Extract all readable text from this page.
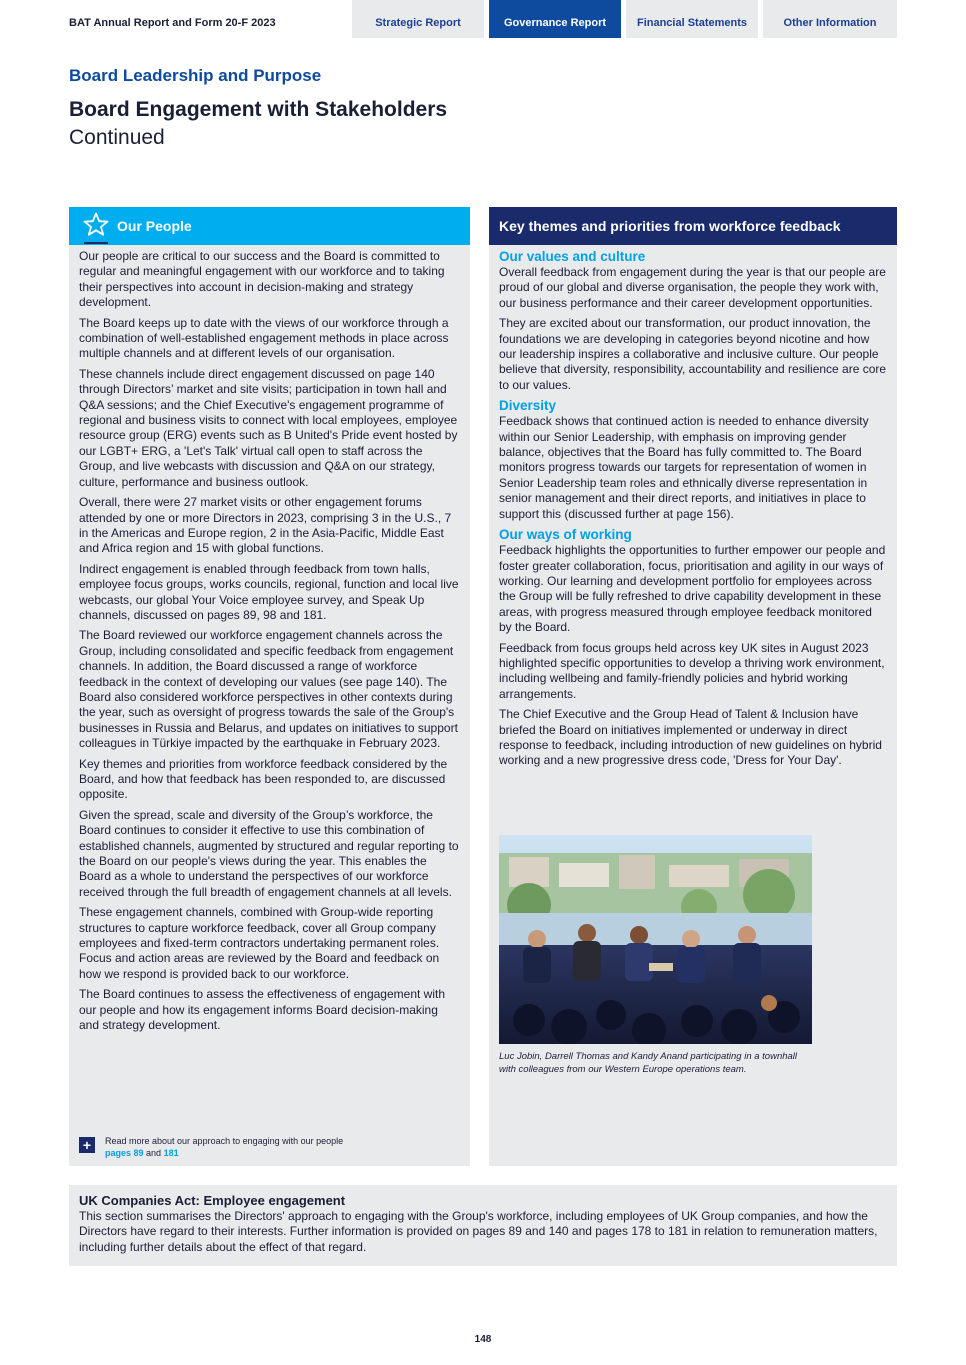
BAT Annual Report and Form 20-F 2023	Strategic Report	Governance Report	Financial Statements	Other Information
Board Leadership and Purpose
Board Engagement with Stakeholders
Continued
Our People

Our people are critical to our success and the Board is committed to regular and meaningful engagement with our workforce and to taking their perspectives into account in decision-making and strategy development.

The Board keeps up to date with the views of our workforce through a combination of well-established engagement methods in place across multiple channels and at different levels of our organisation.

These channels include direct engagement discussed on page 140 through Directors’ market and site visits; participation in town hall and Q&A sessions; and the Chief Executive's engagement programme of regional and business visits to connect with local employees, employee resource group (ERG) events such as B United's Pride event hosted by our LGBT+ ERG, a 'Let's Talk' virtual call open to staff across the Group, and live webcasts with discussion and Q&A on our strategy, culture, performance and business outlook.

Overall, there were 27 market visits or other engagement forums attended by one or more Directors in 2023, comprising 3 in the U.S., 7 in the Americas and Europe region, 2 in the Asia-Pacific, Middle East and Africa region and 15 with global functions.

Indirect engagement is enabled through feedback from town halls, employee focus groups, works councils, regional, function and local live webcasts, our global Your Voice employee survey, and Speak Up channels, discussed on pages 89, 98 and 181.

The Board reviewed our workforce engagement channels across the Group, including consolidated and specific feedback from engagement channels. In addition, the Board discussed a range of workforce feedback in the context of developing our values (see page 140). The Board also considered workforce perspectives in other contexts during the year, such as oversight of progress towards the sale of the Group's businesses in Russia and Belarus, and updates on initiatives to support colleagues in Türkiye impacted by the earthquake in February 2023.

Key themes and priorities from workforce feedback considered by the Board, and how that feedback has been responded to, are discussed opposite.

Given the spread, scale and diversity of the Group’s workforce, the Board continues to consider it effective to use this combination of established channels, augmented by structured and regular reporting to the Board on our people's views during the year. This enables the Board as a whole to understand the perspectives of our workforce received through the full breadth of engagement channels at all levels.

These engagement channels, combined with Group-wide reporting structures to capture workforce feedback, cover all Group company employees and fixed-term contractors undertaking permanent roles. Focus and action areas are reviewed by the Board and feedback on how we respond is provided back to our workforce.

The Board continues to assess the effectiveness of engagement with our people and how its engagement informs Board decision-making and strategy development.

+	Read more about our approach to engaging with our people
pages 89 and 181
Key themes and priorities from workforce feedback
Our values and culture

Overall feedback from engagement during the year is that our people are proud of our global and diverse organisation, the people they work with, our business performance and their career development opportunities.

They are excited about our transformation, our product innovation, the foundations we are developing in categories beyond nicotine and how our leadership inspires a collaborative and inclusive culture. Our people believe that diversity, responsibility, accountability and resilience are core to our values.

Diversity

Feedback shows that continued action is needed to enhance diversity within our Senior Leadership, with emphasis on improving gender balance, objectives that the Board has fully committed to. The Board monitors progress towards our targets for representation of women in Senior Leadership team roles and ethnically diverse representation in senior management and their direct reports, and initiatives in place to support this (discussed further at page 156).

Our ways of working

Feedback highlights the opportunities to further empower our people and foster greater collaboration, focus, prioritisation and agility in our ways of working. Our learning and development portfolio for employees across the Group will be fully refreshed to drive capability development in these areas, with progress measured through employee feedback monitored by the Board.

Feedback from focus groups held across key UK sites in August 2023 highlighted specific opportunities to develop a thriving work environment, including wellbeing and family-friendly policies and hybrid working arrangements.

The Chief Executive and the Group Head of Talent & Inclusion have briefed the Board on initiatives implemented or underway in direct response to feedback, including introduction of new guidelines on hybrid working and a new progressive dress code, 'Dress for Your Day'.

Luc Jobin, Darrell Thomas and Kandy Anand participating in a townhall with colleagues from our Western Europe operations team.
UK Companies Act: Employee engagement
This section summarises the Directors' approach to engaging with the Group's workforce, including employees of UK Group companies, and how the Directors have regard to their interests. Further information is provided on pages 89 and 140 and pages 178 to 181 in relation to remuneration matters, including further details about the effect of that regard.
148
